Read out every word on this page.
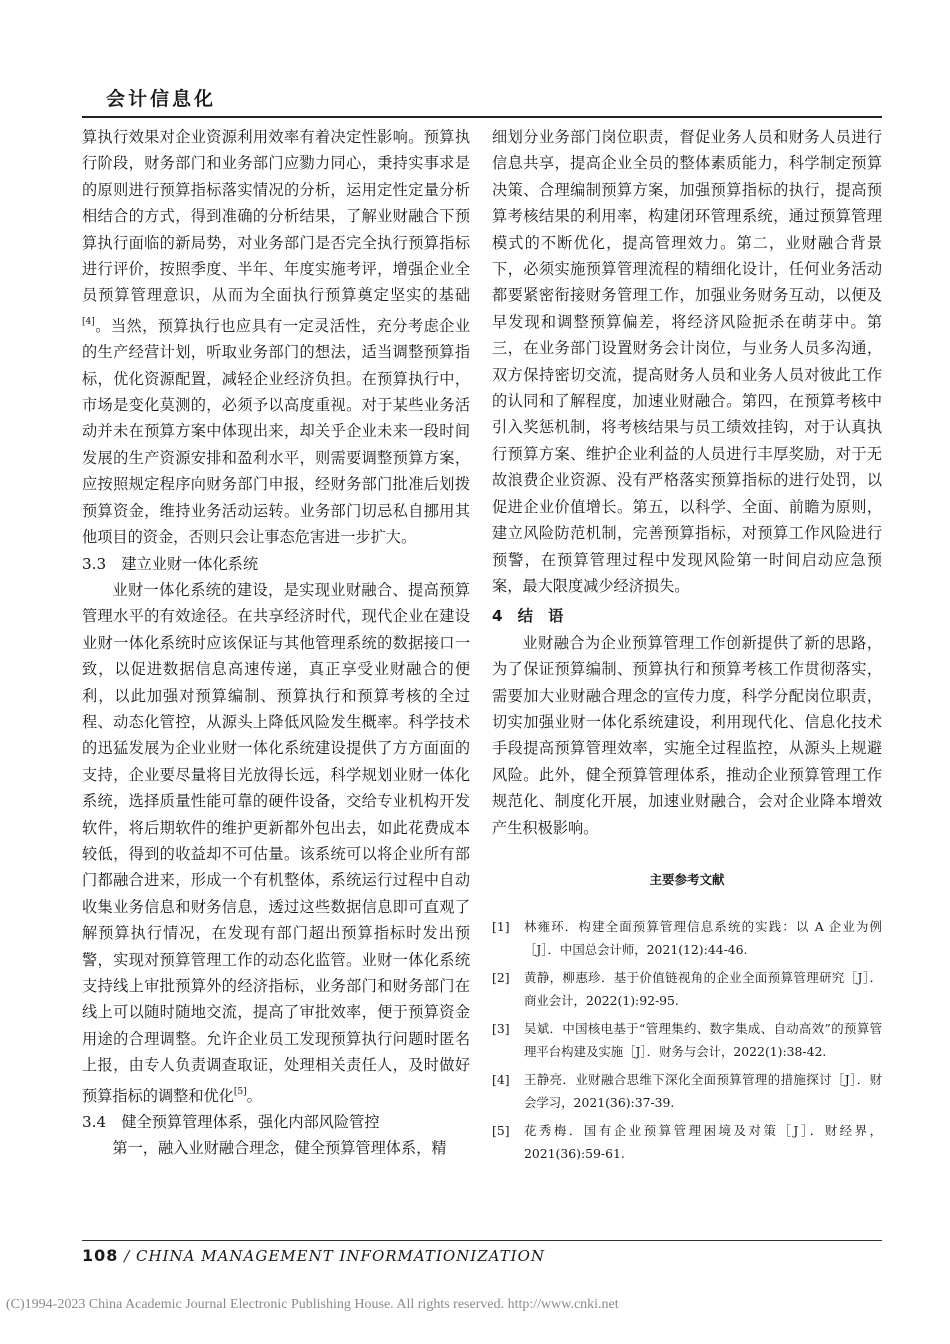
会计信息化

算执行效果对企业资源利用效率有着决定性影响。预算执行阶段，财务部门和业务部门应勠力同心，秉持实事求是的原则进行预算指标落实情况的分析，运用定性定量分析相结合的方式，得到准确的分析结果，了解业财融合下预算执行面临的新局势，对业务部门是否完全执行预算指标进行评价，按照季度、半年、年度实施考评，增强企业全员预算管理意识，从而为全面执行预算奠定坚实的基础[4]。当然，预算执行也应具有一定灵活性，充分考虑企业的生产经营计划，听取业务部门的想法，适当调整预算指标，优化资源配置，减轻企业经济负担。在预算执行中，市场是变化莫测的，必须予以高度重视。对于某些业务活动并未在预算方案中体现出来，却关乎企业未来一段时间发展的生产资源安排和盈利水平，则需要调整预算方案，应按照规定程序向财务部门申报，经财务部门批准后划拨预算资金，维持业务活动运转。业务部门切忌私自挪用其他项目的资金，否则只会让事态危害进一步扩大。

3.3　建立业财一体化系统

业财一体化系统的建设，是实现业财融合、提高预算管理水平的有效途径。在共享经济时代，现代企业在建设业财一体化系统时应该保证与其他管理系统的数据接口一致，以促进数据信息高速传递，真正享受业财融合的便利，以此加强对预算编制、预算执行和预算考核的全过程、动态化管控，从源头上降低风险发生概率。科学技术的迅猛发展为企业业财一体化系统建设提供了方方面面的支持，企业要尽量将目光放得长远，科学规划业财一体化系统，选择质量性能可靠的硬件设备，交给专业机构开发软件，将后期软件的维护更新都外包出去，如此花费成本较低，得到的收益却不可估量。该系统可以将企业所有部门都融合进来，形成一个有机整体，系统运行过程中自动收集业务信息和财务信息，透过这些数据信息即可直观了解预算执行情况，在发现有部门超出预算指标时发出预警，实现对预算管理工作的动态化监管。业财一体化系统支持线上审批预算外的经济指标，业务部门和财务部门在线上可以随时随地交流，提高了审批效率，便于预算资金用途的合理调整。允许企业员工发现预算执行问题时匿名上报，由专人负责调查取证，处理相关责任人，及时做好预算指标的调整和优化[5]。

3.4　健全预算管理体系，强化内部风险管控

第一，融入业财融合理念，健全预算管理体系，精

细划分业务部门岗位职责，督促业务人员和财务人员进行信息共享，提高企业全员的整体素质能力，科学制定预算决策、合理编制预算方案，加强预算指标的执行，提高预算考核结果的利用率，构建闭环管理系统，通过预算管理模式的不断优化，提高管理效力。第二，业财融合背景下，必须实施预算管理流程的精细化设计，任何业务活动都要紧密衔接财务管理工作，加强业务财务互动，以便及早发现和调整预算偏差，将经济风险扼杀在萌芽中。第三，在业务部门设置财务会计岗位，与业务人员多沟通，双方保持密切交流，提高财务人员和业务人员对彼此工作的认同和了解程度，加速业财融合。第四，在预算考核中引入奖惩机制，将考核结果与员工绩效挂钩，对于认真执行预算方案、维护企业利益的人员进行丰厚奖励，对于无故浪费企业资源、没有严格落实预算指标的进行处罚，以促进企业价值增长。第五，以科学、全面、前瞻为原则，建立风险防范机制，完善预算指标，对预算工作风险进行预警，在预算管理过程中发现风险第一时间启动应急预案，最大限度减少经济损失。

4　结　语

业财融合为企业预算管理工作创新提供了新的思路，为了保证预算编制、预算执行和预算考核工作贯彻落实，需要加大业财融合理念的宣传力度，科学分配岗位职责，切实加强业财一体化系统建设，利用现代化、信息化技术手段提高预算管理效率，实施全过程监控，从源头上规避风险。此外，健全预算管理体系，推动企业预算管理工作规范化、制度化开展，加速业财融合，会对企业降本增效产生积极影响。

主要参考文献
[1]	林雍环．构建全面预算管理信息系统的实践：以 A 企业为例［J］．中国总会计师，2021(12):44-46.
[2]	黄静，柳惠珍．基于价值链视角的企业全面预算管理研究［J］．商业会计，2022(1):92-95.
[3]	吴斌．中国核电基于“管理集约、数字集成、自动高效”的预算管理平台构建及实施［J］．财务与会计，2022(1):38-42.
[4]	王静亮．业财融合思维下深化全面预算管理的措施探讨［J］．财会学习，2021(36):37-39.
[5]	花秀梅．国有企业预算管理困境及对策［J］．财经界，2021(36):59-61.
108 / CHINA MANAGEMENT INFORMATIONIZATION
(C)1994-2023 China Academic Journal Electronic Publishing House. All rights reserved. http://www.cnki.net
